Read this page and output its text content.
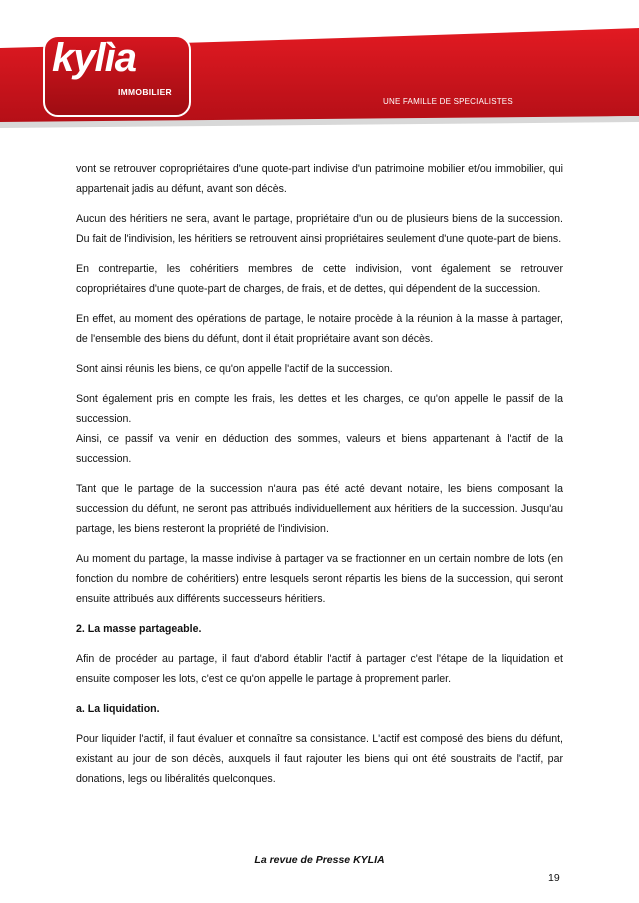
kylìa
IMMOBILIER
UNE FAMILLE DE SPECIALISTES

vont se retrouver copropriétaires d'une quote-part indivise d'un patrimoine mobilier et/ou immobilier, qui appartenait jadis au défunt, avant son décès.

Aucun des héritiers ne sera, avant le partage, propriétaire d'un ou de plusieurs biens de la succession. Du fait de l'indivision, les héritiers se retrouvent ainsi propriétaires seulement d'une quote-part de biens.

En contrepartie, les cohéritiers membres de cette indivision, vont également se retrouver copropriétaires d'une quote-part de charges, de frais, et de dettes, qui dépendent de la succession.

En effet, au moment des opérations de partage, le notaire procède à la réunion à la masse à partager, de l'ensemble des biens du défunt, dont il était propriétaire avant son décès.

Sont ainsi réunis les biens, ce qu'on appelle l'actif de la succession.

Sont également pris en compte les frais, les dettes et les charges, ce qu'on appelle le passif de la succession.

Ainsi, ce passif va venir en déduction des sommes, valeurs et biens appartenant à l'actif de la succession.

Tant que le partage de la succession n'aura pas été acté devant notaire, les biens composant la succession du défunt, ne seront pas attribués individuellement aux héritiers de la succession. Jusqu'au partage, les biens resteront la propriété de l'indivision.

Au moment du partage, la masse indivise à partager va se fractionner en un certain nombre de lots (en fonction du nombre de cohéritiers) entre lesquels seront répartis les biens de la succession, qui seront ensuite attribués aux différents successeurs héritiers.

2. La masse partageable.

Afin de procéder au partage, il faut d'abord établir l'actif à partager c'est l'étape de la liquidation et ensuite composer les lots, c'est ce qu'on appelle le partage à proprement parler.

a. La liquidation.

Pour liquider l'actif, il faut évaluer et connaître sa consistance. L'actif est composé des biens du défunt, existant au jour de son décès, auxquels il faut rajouter les biens qui ont été soustraits de l'actif, par donations, legs ou libéralités quelconques.

La revue de Presse KYLIA
19
